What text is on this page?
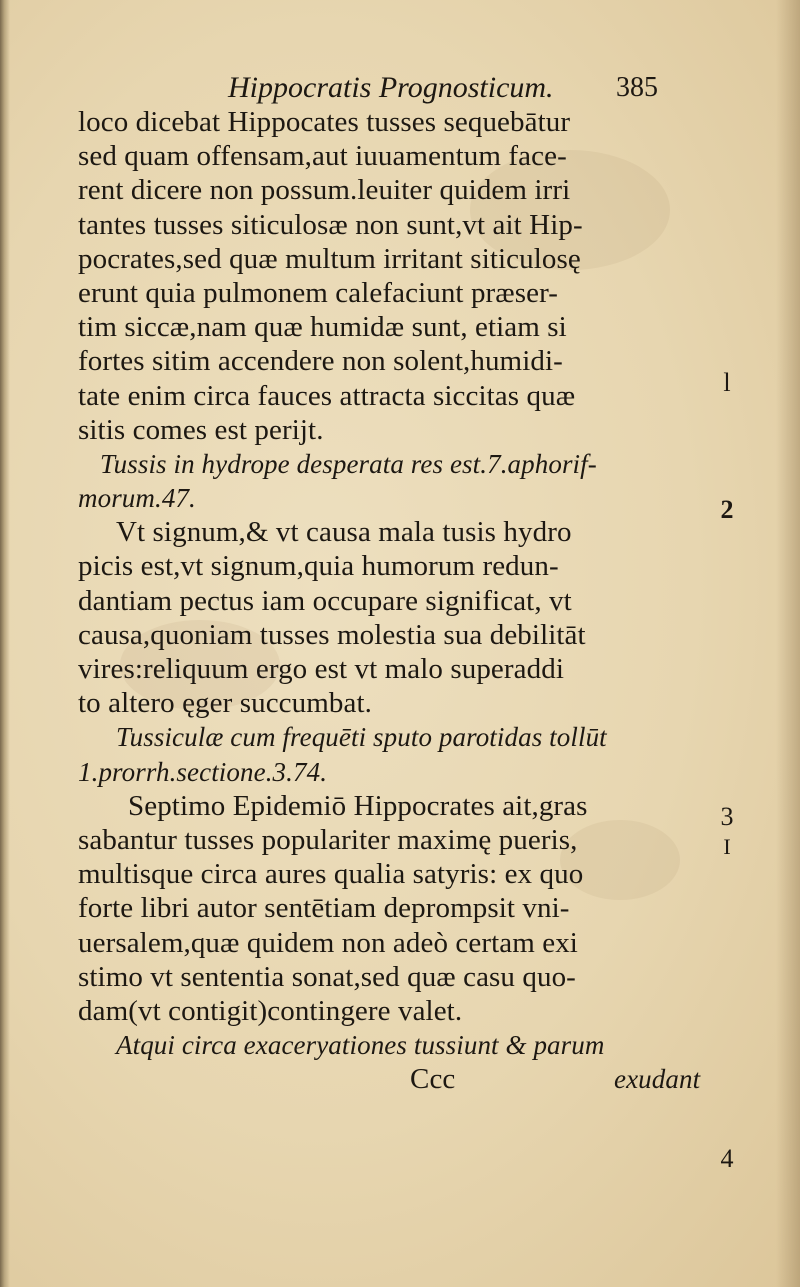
Hippocratis Prognosticum. 385
loco dicebat Hippocates tusses sequebātur
sed quam offensam,aut iuuamentum face-
rent dicere non possum.leuiter quidem irri
tantes tusses siticulosæ non sunt,vt ait Hip-
pocrates,sed quæ multum irritant siticulosę
erunt quia pulmonem calefaciunt præser-
tim siccæ,nam quæ humidæ sunt, etiam si
fortes sitim accendere non solent,humidi-
tate enim circa fauces attracta siccitas quæ
sitis comes est perijt.
Tussis in hydrope desperata res est.7.aphorif-
morum.47.
Vt signum,& vt causa mala tusis hydro
picis est,vt signum,quia humorum redun-
dantiam pectus iam occupare significat, vt
causa,quoniam tusses molestia sua debilitāt
vires:reliquum ergo est vt malo superaddi
to altero ęger succumbat.
Tussiculæ cum frequēti sputo parotidas tollūt
1.prorrh.sectione.3.74.
Septimo Epidemiō Hippocrates ait,gras
sabantur tusses populariter maximę pueris,
multisque circa aures qualia satyris: ex quo
forte libri autor sentētiam deprompsit vni-
uersalem,quæ quidem non adeò certam exi
stimo vt sententia sonat,sed quæ casu quo-
dam(vt contigit)contingere valet.
Atqui circa exacerуationes tussiunt & parum
Ccc	exudant
l
2
3
I
4
